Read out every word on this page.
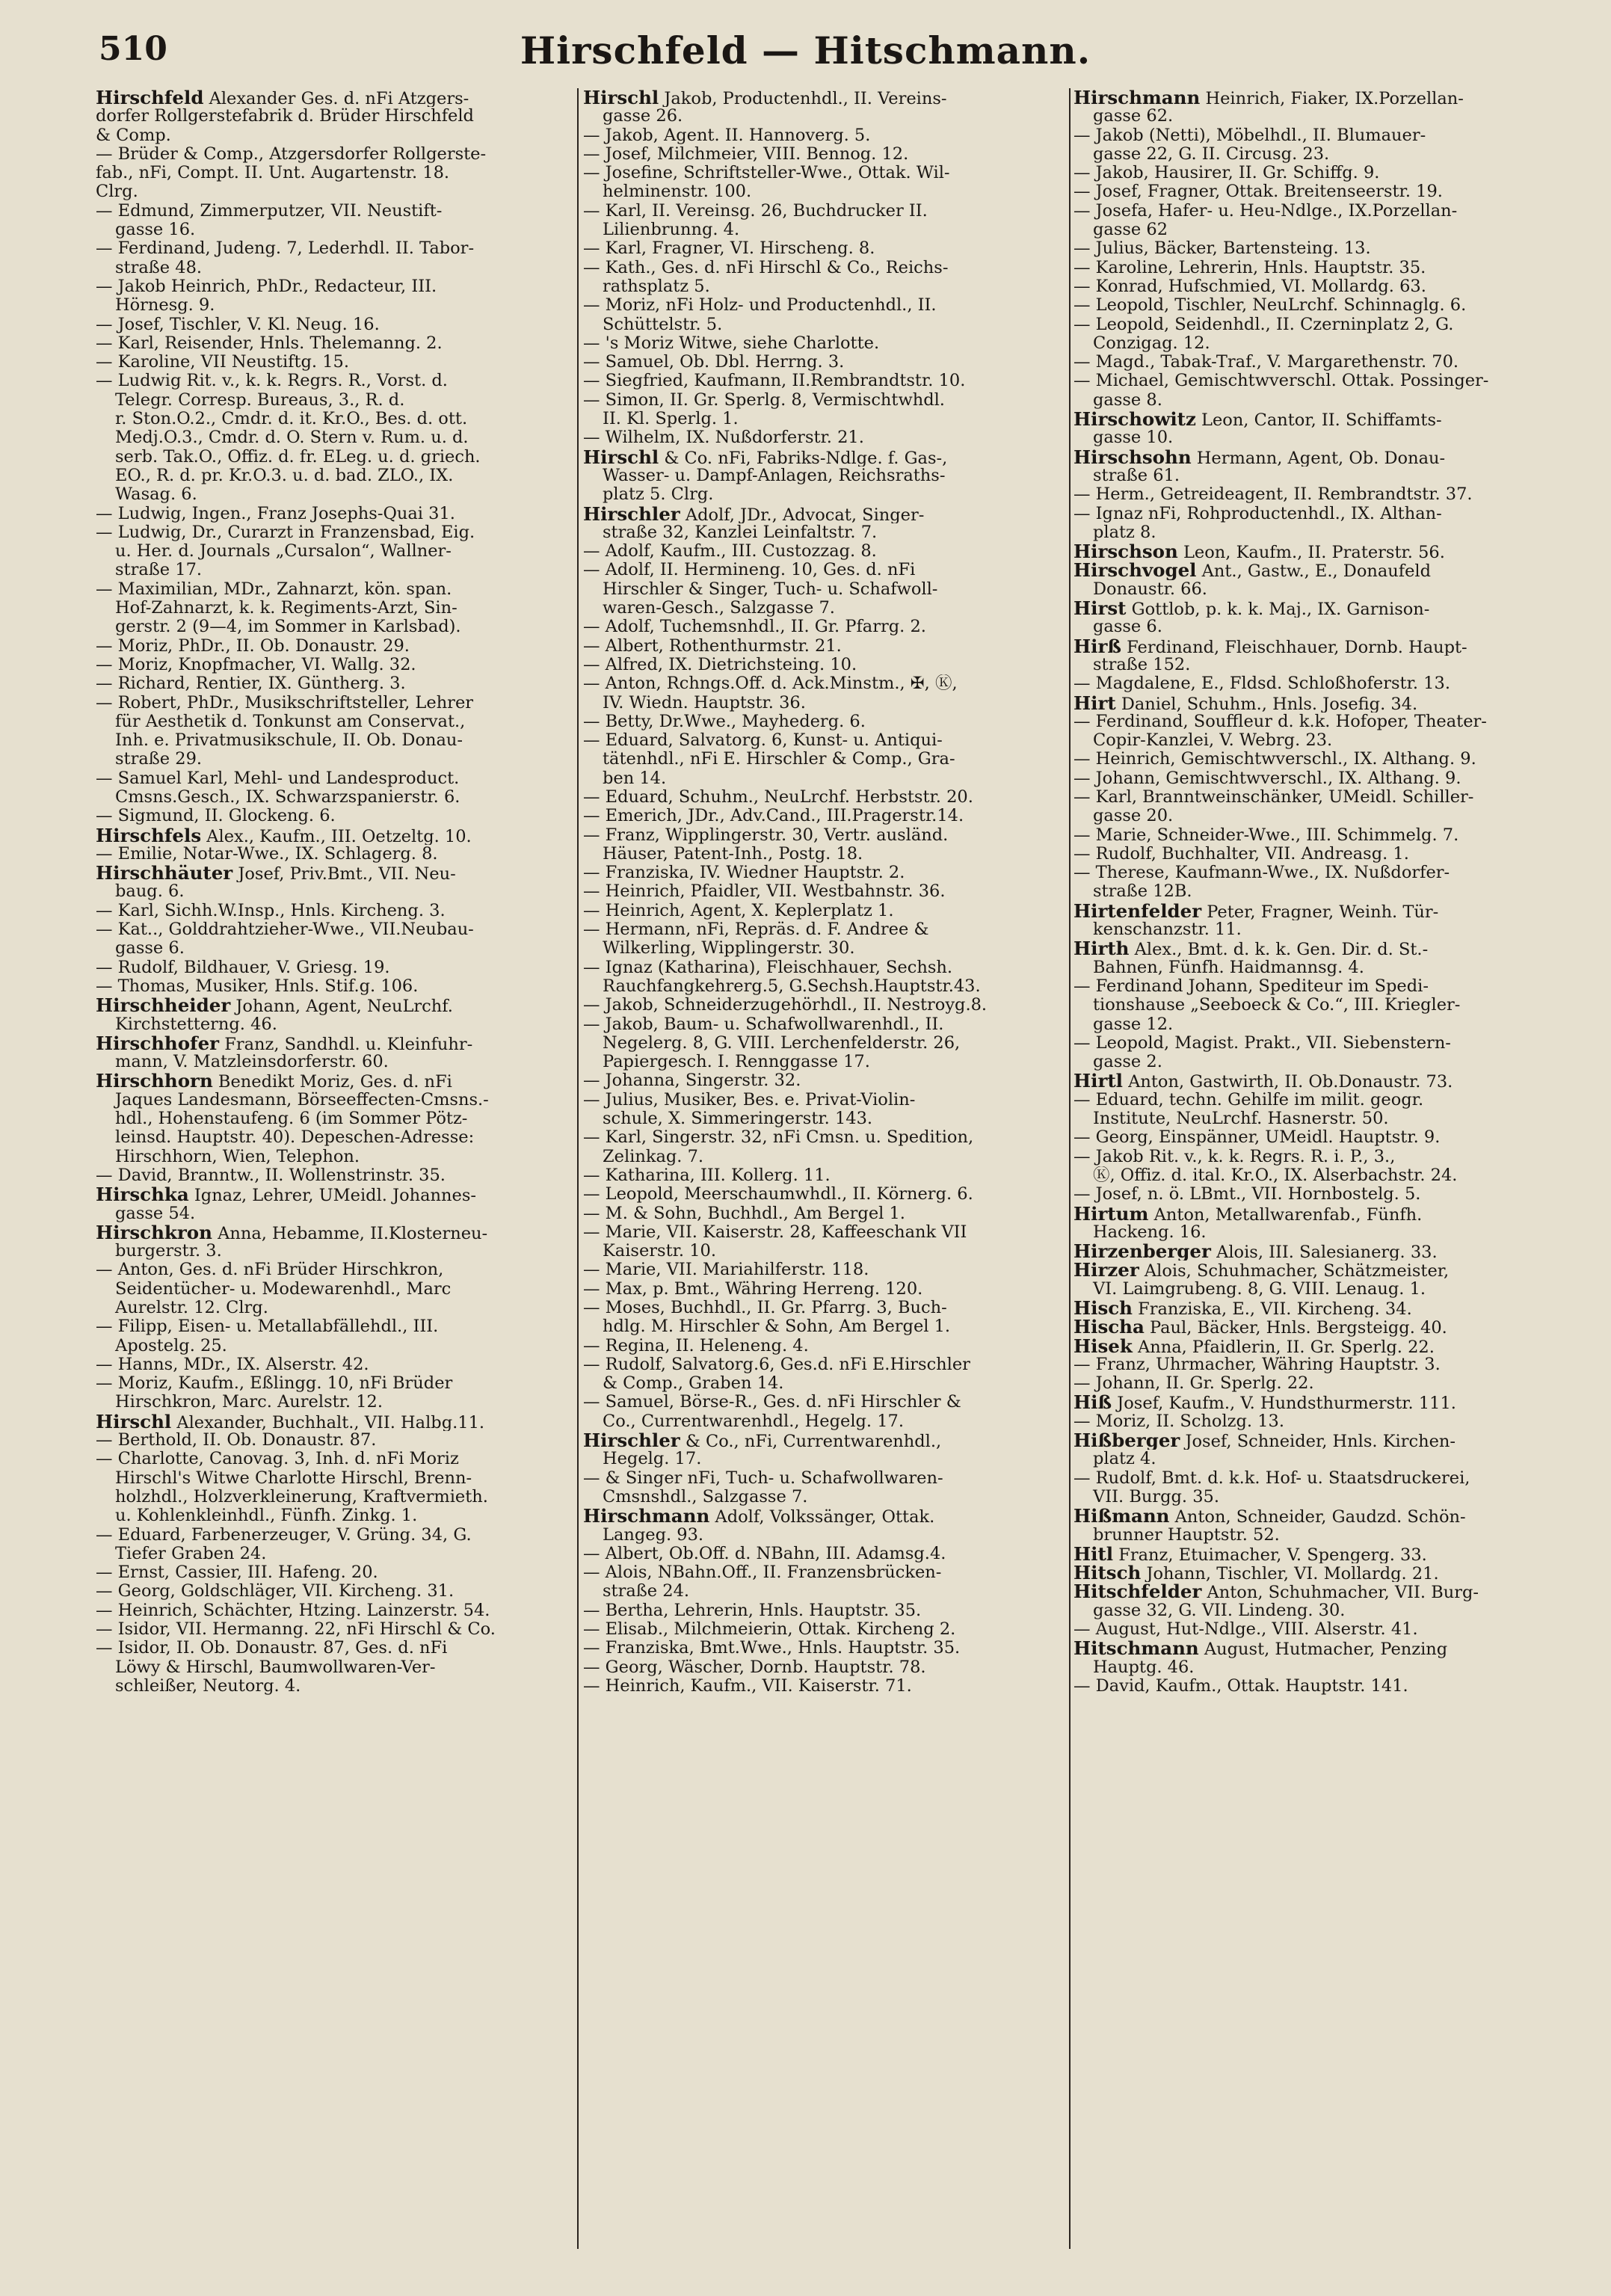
510	Hirschfeld — Hitschmann.
Hirschfeld Alexander Ges. d. nFi Atzgers-
dorfer Rollgerstefabrik d. Brüder Hirschfeld
& Comp.
— Brüder & Comp., Atzgersdorfer Rollgerste-
fab., nFi, Compt. II. Unt. Augartenstr. 18.
Clrg.
— Edmund, Zimmerputzer, VII. Neustift-
gasse 16.
— Ferdinand, Judeng. 7, Lederhdl. II. Tabor-
straße 48.
— Jakob Heinrich, PhDr., Redacteur, III.
Hörnesg. 9.
— Josef, Tischler, V. Kl. Neug. 16.
— Karl, Reisender, Hnls. Thelemanng. 2.
— Karoline, VII Neustiftg. 15.
— Ludwig Rit. v., k. k. Regrs. R., Vorst. d.
Telegr. Corresp. Bureaus, 3., R. d.
r. Ston.O.2., Cmdr. d. it. Kr.O., Bes. d. ott.
Medj.O.3., Cmdr. d. O. Stern v. Rum. u. d.
serb. Tak.O., Offiz. d. fr. ELeg. u. d. griech.
EO., R. d. pr. Kr.O.3. u. d. bad. ZLO., IX.
Wasag. 6.
— Ludwig, Ingen., Franz Josephs-Quai 31.
— Ludwig, Dr., Curarzt in Franzensbad, Eig.
u. Her. d. Journals „Cursalon“, Wallner-
straße 17.
— Maximilian, MDr., Zahnarzt, kön. span.
Hof-Zahnarzt, k. k. Regiments-Arzt, Sin-
gerstr. 2 (9—4, im Sommer in Karlsbad).
— Moriz, PhDr., II. Ob. Donaustr. 29.
— Moriz, Knopfmacher, VI. Wallg. 32.
— Richard, Rentier, IX. Güntherg. 3.
— Robert, PhDr., Musikschriftsteller, Lehrer
für Aesthetik d. Tonkunst am Conservat.,
Inh. e. Privatmusikschule, II. Ob. Donau-
straße 29.
— Samuel Karl, Mehl- und Landesproduct.
Cmsns.Gesch., IX. Schwarzspanierstr. 6.
— Sigmund, II. Glockeng. 6.
Hirschfels Alex., Kaufm., III. Oetzeltg. 10.
— Emilie, Notar-Wwe., IX. Schlagerg. 8.
Hirschhäuter Josef, Priv.Bmt., VII. Neu-
baug. 6.
— Karl, Sichh.W.Insp., Hnls. Kircheng. 3.
— Kat.., Golddrahtzieher-Wwe., VII.Neubau-
gasse 6.
— Rudolf, Bildhauer, V. Griesg. 19.
— Thomas, Musiker, Hnls. Stif.g. 106.
Hirschheider Johann, Agent, NeuLrchf.
Kirchstetterng. 46.
Hirschhofer Franz, Sandhdl. u. Kleinfuhr-
mann, V. Matzleinsdorferstr. 60.
Hirschhorn Benedikt Moriz, Ges. d. nFi
Jaques Landesmann, Börseeffecten-Cmsns.-
hdl., Hohenstaufeng. 6 (im Sommer Pötz-
leinsd. Hauptstr. 40). Depeschen-Adresse:
Hirschhorn, Wien, Telephon.
— David, Branntw., II. Wollenstrinstr. 35.
Hirschka Ignaz, Lehrer, UMeidl. Johannes-
gasse 54.
Hirschkron Anna, Hebamme, II.Klosterneu-
burgerstr. 3.
— Anton, Ges. d. nFi Brüder Hirschkron,
Seidentücher- u. Modewarenhdl., Marc
Aurelstr. 12. Clrg.
— Filipp, Eisen- u. Metallabfällehdl., III.
Apostelg. 25.
— Hanns, MDr., IX. Alserstr. 42.
— Moriz, Kaufm., Eßlingg. 10, nFi Brüder
Hirschkron, Marc. Aurelstr. 12.
Hirschl Alexander, Buchhalt., VII. Halbg.11.
— Berthold, II. Ob. Donaustr. 87.
— Charlotte, Canovag. 3, Inh. d. nFi Moriz
Hirschl's Witwe Charlotte Hirschl, Brenn-
holzhdl., Holzverkleinerung, Kraftvermieth.
u. Kohlenkleinhdl., Fünfh. Zinkg. 1.
— Eduard, Farbenerzeuger, V. Grüng. 34, G.
Tiefer Graben 24.
— Ernst, Cassier, III. Hafeng. 20.
— Georg, Goldschläger, VII. Kircheng. 31.
— Heinrich, Schächter, Htzing. Lainzerstr. 54.
— Isidor, VII. Hermanng. 22, nFi Hirschl & Co.
— Isidor, II. Ob. Donaustr. 87, Ges. d. nFi
Löwy & Hirschl, Baumwollwaren-Ver-
schleißer, Neutorg. 4.
Hirschl Jakob, Productenhdl., II. Vereins-
gasse 26.
— Jakob, Agent. II. Hannoverg. 5.
— Josef, Milchmeier, VIII. Bennog. 12.
— Josefine, Schriftsteller-Wwe., Ottak. Wil-
helminenstr. 100.
— Karl, II. Vereinsg. 26, Buchdrucker II.
Lilienbrunng. 4.
— Karl, Fragner, VI. Hirscheng. 8.
— Kath., Ges. d. nFi Hirschl & Co., Reichs-
rathsplatz 5.
— Moriz, nFi Holz- und Productenhdl., II.
Schüttelstr. 5.
— 's Moriz Witwe, siehe Charlotte.
— Samuel, Ob. Dbl. Herrng. 3.
— Siegfried, Kaufmann, II.Rembrandtstr. 10.
— Simon, II. Gr. Sperlg. 8, Vermischtwhdl.
II. Kl. Sperlg. 1.
— Wilhelm, IX. Nußdorferstr. 21.
Hirschl & Co. nFi, Fabriks-Ndlge. f. Gas-,
Wasser- u. Dampf-Anlagen, Reichsraths-
platz 5. Clrg.
Hirschler Adolf, JDr., Advocat, Singer-
straße 32, Kanzlei Leinfaltstr. 7.
— Adolf, Kaufm., III. Custozzag. 8.
— Adolf, II. Hermineng. 10, Ges. d. nFi
Hirschler & Singer, Tuch- u. Schafwoll-
waren-Gesch., Salzgasse 7.
— Adolf, Tuchemsnhdl., II. Gr. Pfarrg. 2.
— Albert, Rothenthurmstr. 21.
— Alfred, IX. Dietrichsteing. 10.
— Anton, Rchngs.Off. d. Ack.Minstm., ✠, Ⓚ,
IV. Wiedn. Hauptstr. 36.
— Betty, Dr.Wwe., Mayhederg. 6.
— Eduard, Salvatorg. 6, Kunst- u. Antiqui-
tätenhdl., nFi E. Hirschler & Comp., Gra-
ben 14.
— Eduard, Schuhm., NeuLrchf. Herbststr. 20.
— Emerich, JDr., Adv.Cand., III.Pragerstr.14.
— Franz, Wipplingerstr. 30, Vertr. ausländ.
Häuser, Patent-Inh., Postg. 18.
— Franziska, IV. Wiedner Hauptstr. 2.
— Heinrich, Pfaidler, VII. Westbahnstr. 36.
— Heinrich, Agent, X. Keplerplatz 1.
— Hermann, nFi, Repräs. d. F. Andree &
Wilkerling, Wipplingerstr. 30.
— Ignaz (Katharina), Fleischhauer, Sechsh.
Rauchfangkehrerg.5, G.Sechsh.Hauptstr.43.
— Jakob, Schneiderzugehörhdl., II. Nestroyg.8.
— Jakob, Baum- u. Schafwollwarenhdl., II.
Negelerg. 8, G. VIII. Lerchenfelderstr. 26,
Papiergesch. I. Rennggasse 17.
— Johanna, Singerstr. 32.
— Julius, Musiker, Bes. e. Privat-Violin-
schule, X. Simmeringerstr. 143.
— Karl, Singerstr. 32, nFi Cmsn. u. Spedition,
Zelinkag. 7.
— Katharina, III. Kollerg. 11.
— Leopold, Meerschaumwhdl., II. Körnerg. 6.
— M. & Sohn, Buchhdl., Am Bergel 1.
— Marie, VII. Kaiserstr. 28, Kaffeeschank VII
Kaiserstr. 10.
— Marie, VII. Mariahilferstr. 118.
— Max, p. Bmt., Währing Herreng. 120.
— Moses, Buchhdl., II. Gr. Pfarrg. 3, Buch-
hdlg. M. Hirschler & Sohn, Am Bergel 1.
— Regina, II. Heleneng. 4.
— Rudolf, Salvatorg.6, Ges.d. nFi E.Hirschler
& Comp., Graben 14.
— Samuel, Börse-R., Ges. d. nFi Hirschler &
Co., Currentwarenhdl., Hegelg. 17.
Hirschler & Co., nFi, Currentwarenhdl.,
Hegelg. 17.
— & Singer nFi, Tuch- u. Schafwollwaren-
Cmsnshdl., Salzgasse 7.
Hirschmann Adolf, Volkssänger, Ottak.
Langeg. 93.
— Albert, Ob.Off. d. NBahn, III. Adamsg.4.
— Alois, NBahn.Off., II. Franzensbrücken-
straße 24.
— Bertha, Lehrerin, Hnls. Hauptstr. 35.
— Elisab., Milchmeierin, Ottak. Kircheng 2.
— Franziska, Bmt.Wwe., Hnls. Hauptstr. 35.
— Georg, Wäscher, Dornb. Hauptstr. 78.
— Heinrich, Kaufm., VII. Kaiserstr. 71.
Hirschmann Heinrich, Fiaker, IX.Porzellan-
gasse 62.
— Jakob (Netti), Möbelhdl., II. Blumauer-
gasse 22, G. II. Circusg. 23.
— Jakob, Hausirer, II. Gr. Schiffg. 9.
— Josef, Fragner, Ottak. Breitenseerstr. 19.
— Josefa, Hafer- u. Heu-Ndlge., IX.Porzellan-
gasse 62
— Julius, Bäcker, Bartensteing. 13.
— Karoline, Lehrerin, Hnls. Hauptstr. 35.
— Konrad, Hufschmied, VI. Mollardg. 63.
— Leopold, Tischler, NeuLrchf. Schinnaglg. 6.
— Leopold, Seidenhdl., II. Czerninplatz 2, G.
Conzigag. 12.
— Magd., Tabak-Traf., V. Margarethenstr. 70.
— Michael, Gemischtwverschl. Ottak. Possinger-
gasse 8.
Hirschowitz Leon, Cantor, II. Schiffamts-
gasse 10.
Hirschsohn Hermann, Agent, Ob. Donau-
straße 61.
— Herm., Getreideagent, II. Rembrandtstr. 37.
— Ignaz nFi, Rohproductenhdl., IX. Althan-
platz 8.
Hirschson Leon, Kaufm., II. Praterstr. 56.
Hirschvogel Ant., Gastw., E., Donaufeld
Donaustr. 66.
Hirst Gottlob, p. k. k. Maj., IX. Garnison-
gasse 6.
Hirß Ferdinand, Fleischhauer, Dornb. Haupt-
straße 152.
— Magdalene, E., Fldsd. Schloßhoferstr. 13.
Hirt Daniel, Schuhm., Hnls. Josefig. 34.
— Ferdinand, Souffleur d. k.k. Hofoper, Theater-
Copir-Kanzlei, V. Webrg. 23.
— Heinrich, Gemischtwverschl., IX. Althang. 9.
— Johann, Gemischtwverschl., IX. Althang. 9.
— Karl, Branntweinschänker, UMeidl. Schiller-
gasse 20.
— Marie, Schneider-Wwe., III. Schimmelg. 7.
— Rudolf, Buchhalter, VII. Andreasg. 1.
— Therese, Kaufmann-Wwe., IX. Nußdorfer-
straße 12B.
Hirtenfelder Peter, Fragner, Weinh. Tür-
kenschanzstr. 11.
Hirth Alex., Bmt. d. k. k. Gen. Dir. d. St.-
Bahnen, Fünfh. Haidmannsg. 4.
— Ferdinand Johann, Spediteur im Spedi-
tionshause „Seeboeck & Co.“, III. Kriegler-
gasse 12.
— Leopold, Magist. Prakt., VII. Siebenstern-
gasse 2.
Hirtl Anton, Gastwirth, II. Ob.Donaustr. 73.
— Eduard, techn. Gehilfe im milit. geogr.
Institute, NeuLrchf. Hasnerstr. 50.
— Georg, Einspänner, UMeidl. Hauptstr. 9.
— Jakob Rit. v., k. k. Regrs. R. i. P., 3.,
Ⓚ, Offiz. d. ital. Kr.O., IX. Alserbachstr. 24.
— Josef, n. ö. LBmt., VII. Hornbostelg. 5.
Hirtum Anton, Metallwarenfab., Fünfh.
Hackeng. 16.
Hirzenberger Alois, III. Salesianerg. 33.
Hirzer Alois, Schuhmacher, Schätzmeister,
VI. Laimgrubeng. 8, G. VIII. Lenaug. 1.
Hisch Franziska, E., VII. Kircheng. 34.
Hischa Paul, Bäcker, Hnls. Bergsteigg. 40.
Hisek Anna, Pfaidlerin, II. Gr. Sperlg. 22.
— Franz, Uhrmacher, Währing Hauptstr. 3.
— Johann, II. Gr. Sperlg. 22.
Hiß Josef, Kaufm., V. Hundsthurmerstr. 111.
— Moriz, II. Scholzg. 13.
Hißberger Josef, Schneider, Hnls. Kirchen-
platz 4.
— Rudolf, Bmt. d. k.k. Hof- u. Staatsdruckerei,
VII. Burgg. 35.
Hißmann Anton, Schneider, Gaudzd. Schön-
brunner Hauptstr. 52.
Hitl Franz, Etuimacher, V. Spengerg. 33.
Hitsch Johann, Tischler, VI. Mollardg. 21.
Hitschfelder Anton, Schuhmacher, VII. Burg-
gasse 32, G. VII. Lindeng. 30.
— August, Hut-Ndlge., VIII. Alserstr. 41.
Hitschmann August, Hutmacher, Penzing
Hauptg. 46.
— David, Kaufm., Ottak. Hauptstr. 141.
